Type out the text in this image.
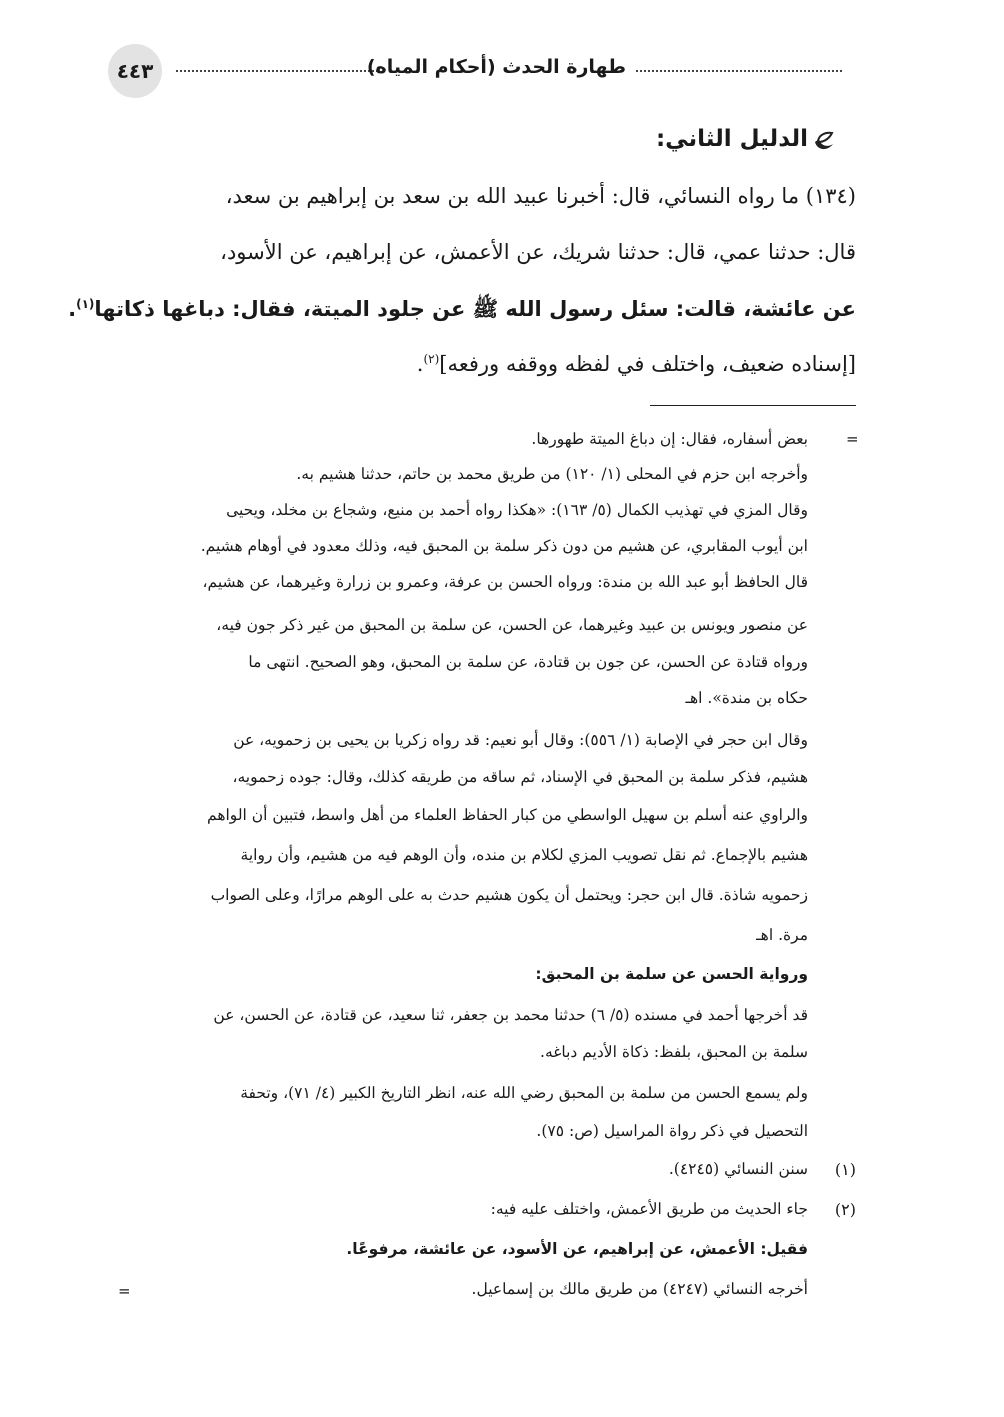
٤٤٣	طهارة الحدث (أحكام المياه)
الدليل الثاني:
(١٣٤) ما رواه النسائي، قال: أخبرنا عبيد الله بن سعد بن إبراهيم بن سعد،
قال: حدثنا عمي، قال: حدثنا شريك، عن الأعمش، عن إبراهيم، عن الأسود،
عن عائشة، قالت: سئل رسول الله ﷺ عن جلود الميتة، فقال: دباغها ذكاتها$^{(١)}$.
[إسناده ضعيف، واختلف في لفظه ووقفه ورفعه]$^{(٢)}$.
=
بعض أسفاره، فقال: إن دباغ الميتة طهورها.
وأخرجه ابن حزم في المحلى (١/ ١٢٠) من طريق محمد بن حاتم، حدثنا هشيم به.
وقال المزي في تهذيب الكمال (٥/ ١٦٣): «هكذا رواه أحمد بن منيع، وشجاع بن مخلد، ويحيى
ابن أيوب المقابري، عن هشيم من دون ذكر سلمة بن المحبق فيه، وذلك معدود في أوهام هشيم.
قال الحافظ أبو عبد الله بن مندة: ورواه الحسن بن عرفة، وعمرو بن زرارة وغيرهما، عن هشيم،
عن منصور ويونس بن عبيد وغيرهما، عن الحسن، عن سلمة بن المحبق من غير ذكر جون فيه،
ورواه قتادة عن الحسن، عن جون بن قتادة، عن سلمة بن المحبق، وهو الصحيح. انتهى ما
حكاه بن مندة». اهـ
وقال ابن حجر في الإصابة (١/ ٥٥٦): وقال أبو نعيم: قد رواه زكريا بن يحيى بن زحمويه، عن
هشيم، فذكر سلمة بن المحبق في الإسناد، ثم ساقه من طريقه كذلك، وقال: جوده زحمويه،
والراوي عنه أسلم بن سهيل الواسطي من كبار الحفاظ العلماء من أهل واسط، فتبين أن الواهم
هشيم بالإجماع. ثم نقل تصويب المزي لكلام بن منده، وأن الوهم فيه من هشيم، وأن رواية
زحمويه شاذة. قال ابن حجر: ويحتمل أن يكون هشيم حدث به على الوهم مرارًا، وعلى الصواب
مرة. اهـ
ورواية الحسن عن سلمة بن المحبق:
قد أخرجها أحمد في مسنده (٥/ ٦) حدثنا محمد بن جعفر، ثنا سعيد، عن قتادة، عن الحسن، عن
سلمة بن المحبق، بلفظ: ذكاة الأديم دباغه.
ولم يسمع الحسن من سلمة بن المحبق رضي الله عنه، انظر التاريخ الكبير (٤/ ٧١)، وتحفة
التحصيل في ذكر رواة المراسيل (ص: ٧٥).
(١)
سنن النسائي (٤٢٤٥).
(٢)
جاء الحديث من طريق الأعمش، واختلف عليه فيه:
فقيل: الأعمش، عن إبراهيم، عن الأسود، عن عائشة، مرفوعًا.
أخرجه النسائي (٤٢٤٧) من طريق مالك بن إسماعيل.
=
